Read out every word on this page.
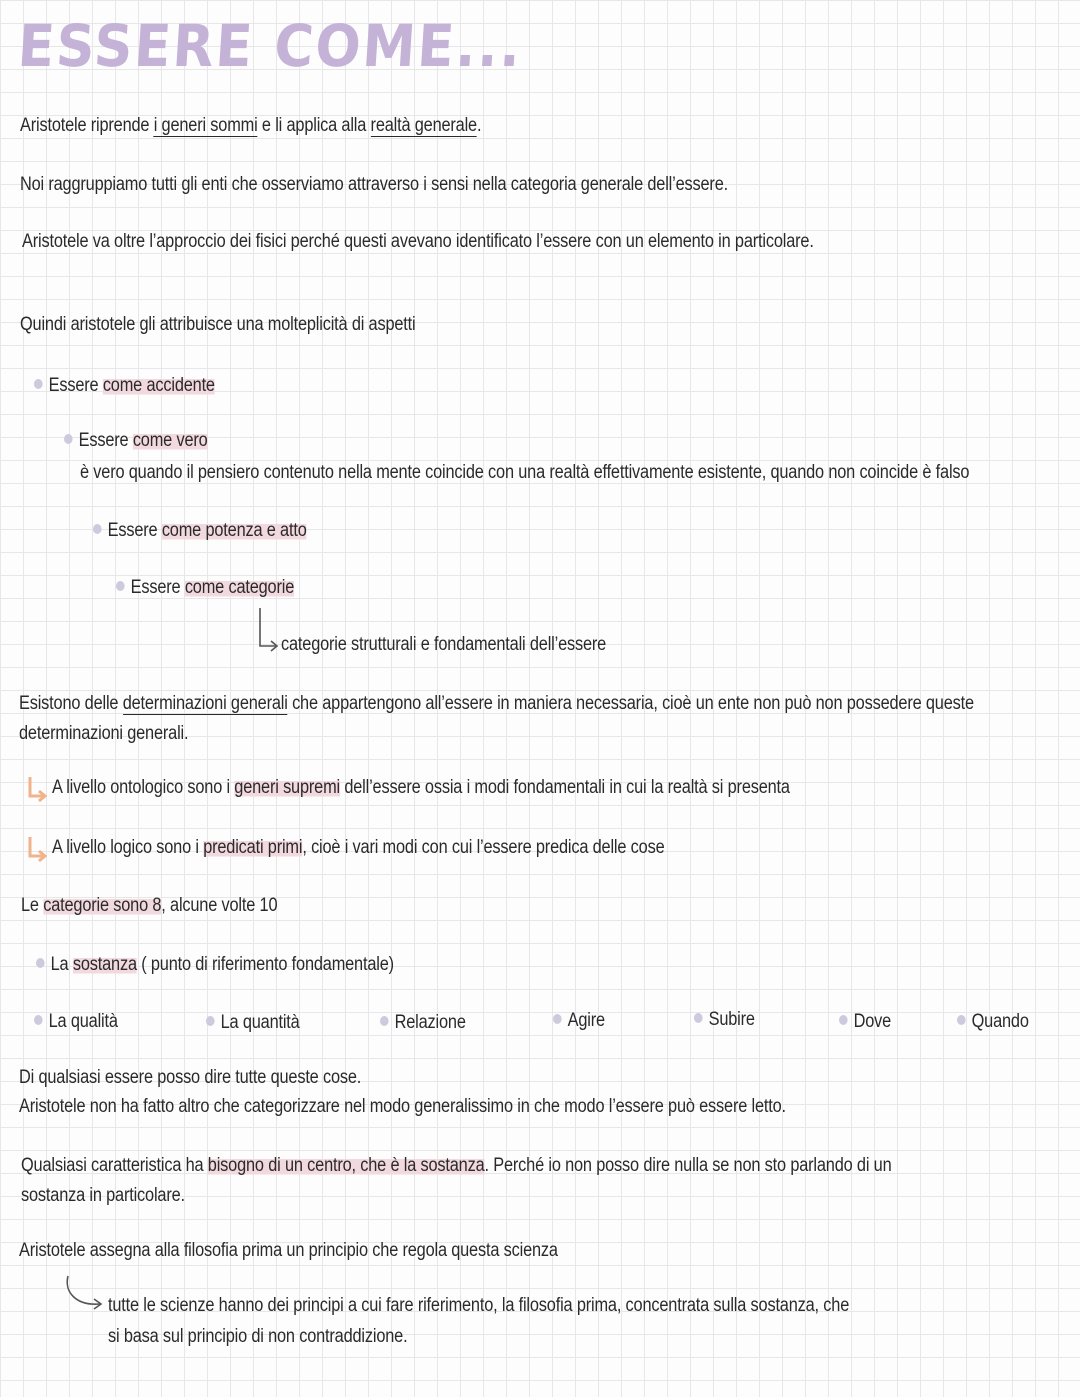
ESSERE COME...
Aristotele riprende i generi sommi e li applica alla realtà generale.
Noi raggruppiamo tutti gli enti che osserviamo attraverso i sensi nella categoria generale dell’essere.
Aristotele va oltre l’approccio dei fisici perché questi avevano identificato l’essere con un elemento in particolare.
Quindi aristotele gli attribuisce una molteplicità di aspetti
Essere come accidente
Essere come vero
è vero quando il pensiero contenuto nella mente coincide con una realtà effettivamente esistente, quando non coincide è falso
Essere come potenza e atto
Essere come categorie
categorie strutturali e fondamentali dell’essere
Esistono delle determinazioni generali che appartengono all’essere in maniera necessaria, cioè un ente non può non possedere queste
determinazioni generali.
A livello ontologico sono i generi supremi dell’essere ossia i modi fondamentali in cui la realtà si presenta
A livello logico sono i predicati primi, cioè i vari modi con cui l’essere predica delle cose
Le categorie sono 8, alcune volte 10
La sostanza ( punto di riferimento fondamentale)
La qualità	La quantità	Relazione	Agire	Subire	Dove	Quando
Di qualsiasi essere posso dire tutte queste cose.
Aristotele non ha fatto altro che categorizzare nel modo generalissimo in che modo l’essere può essere letto.
Qualsiasi caratteristica ha bisogno di un centro, che è la sostanza. Perché io non posso dire nulla se non sto parlando di un
sostanza in particolare.
Aristotele assegna alla filosofia prima un principio che regola questa scienza
tutte le scienze hanno dei principi a cui fare riferimento, la filosofia prima, concentrata sulla sostanza, che
si basa sul principio di non contraddizione.
